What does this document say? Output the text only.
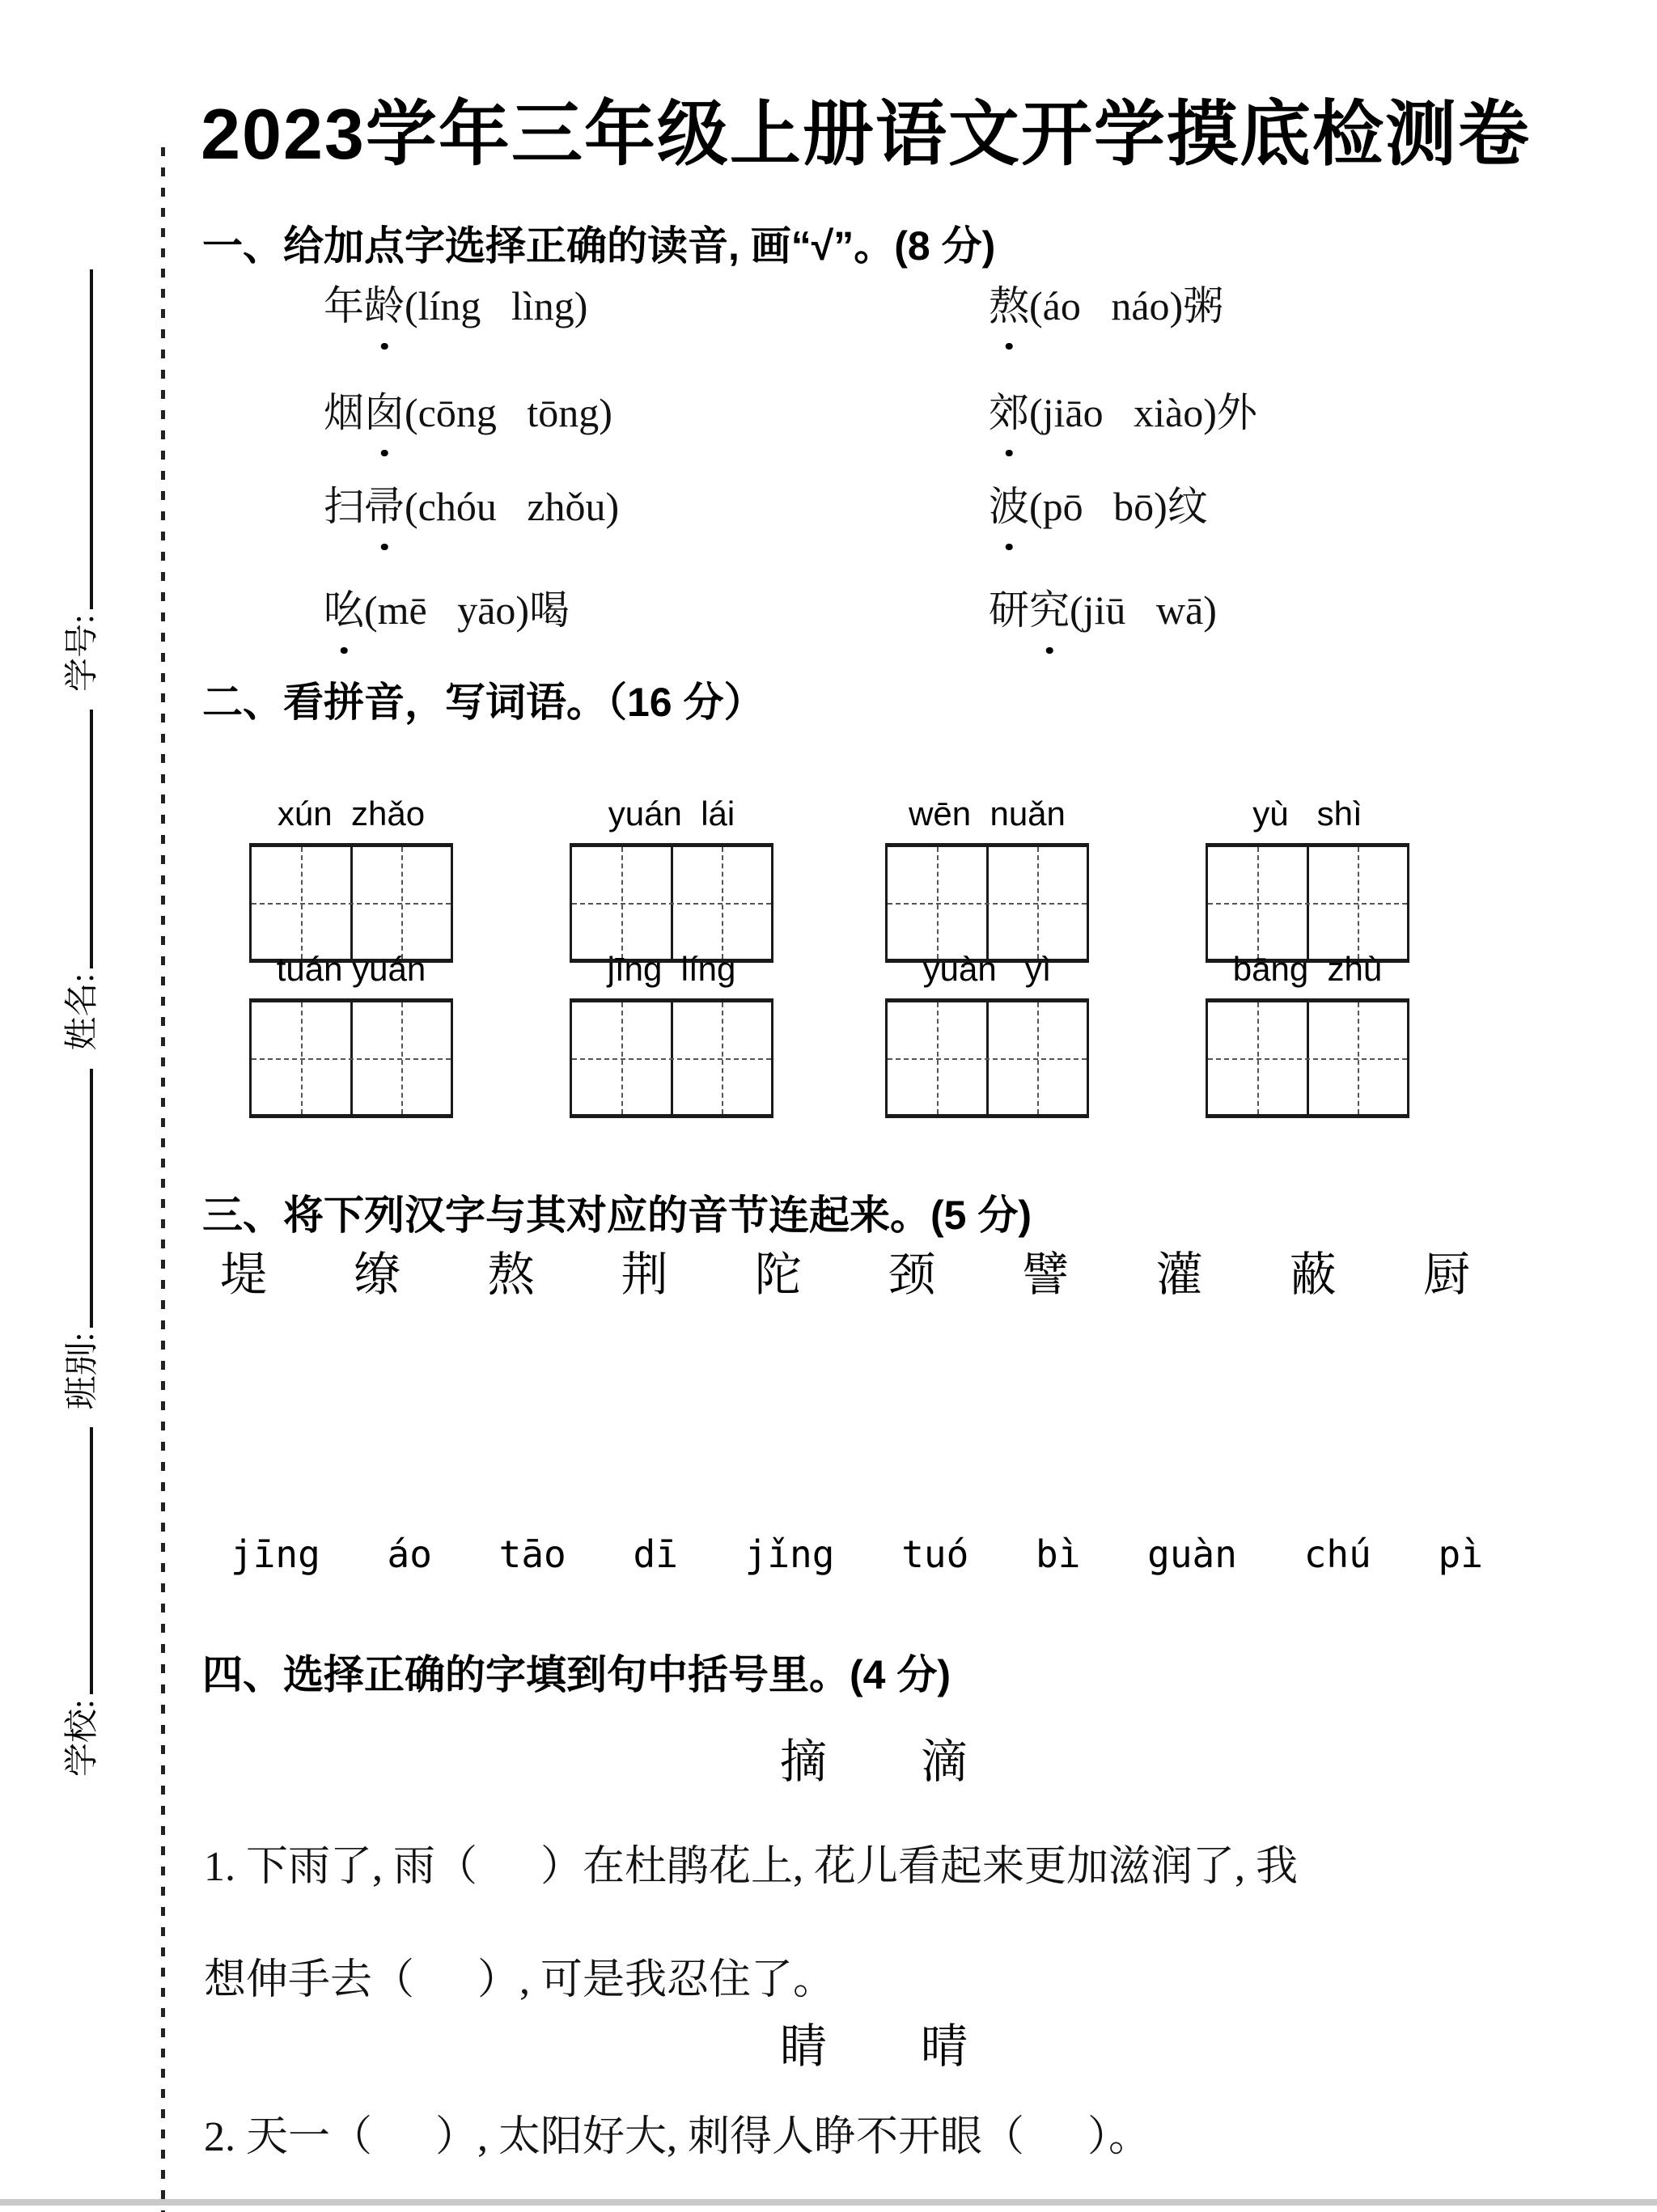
学校:班别:姓名:学号:
2023学年三年级上册语文开学摸底检测卷
一、给加点字选择正确的读音, 画“√”。(8 分)
年龄(líng   lìng)	熬(áo   náo)粥
烟囱(cōng   tōng)	郊(jiāo   xiào)外
扫帚(chóu   zhǒu)	波(pō   bō)纹
吆(mē   yāo)喝	研究(jiū   wā)
二、看拼音，写词语。（16 分）
xún  zhǎo	yuán  lái	wēn  nuǎn	yù   shì
tuán yuán	jīng  líng	yuàn   yì	bāng  zhù
三、将下列汉字与其对应的音节连起来。(5 分)
堤 缭 熬 荆 陀 颈 譬 灌 蔽 厨
jīng áo tāo dī jǐng tuó bì guàn chú pì
四、选择正确的字填到句中括号里。(4 分)
摘　　滴
1. 下雨了, 雨（      ）在杜鹃花上, 花儿看起来更加滋润了, 我
想伸手去（      ）, 可是我忍住了。
睛　　晴
2. 天一（      ）, 太阳好大, 刺得人睁不开眼（      ）。
